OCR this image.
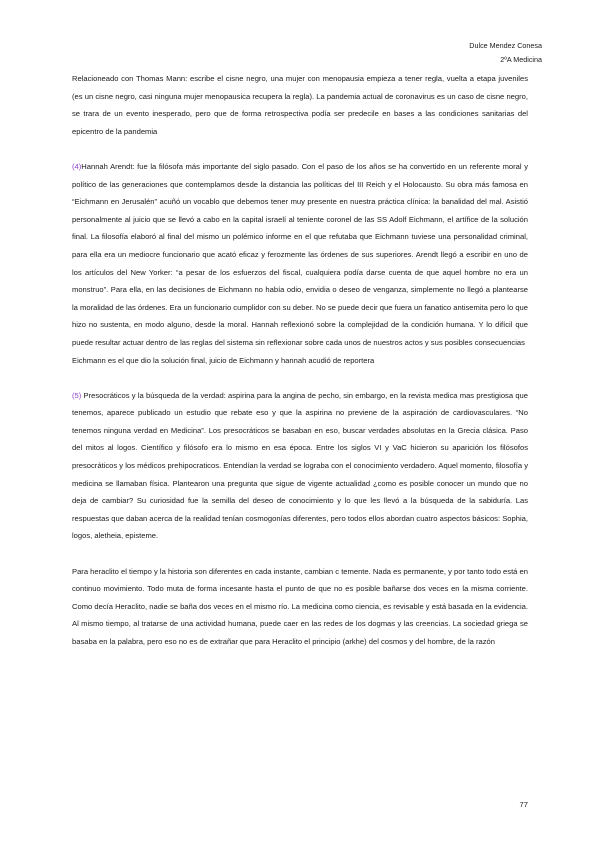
Dulce Mendez Conesa
2ºA Medicina

Relacioneado con Thomas Mann: escribe el cisne negro, una mujer con menopausia empieza a tener regla, vuelta a etapa juveniles (es un cisne negro, casi ninguna mujer menopausica recupera la regla). La pandemia actual de coronavirus es un caso de cisne negro, se trara de un evento inesperado, pero que de forma retrospectiva podía ser predecile en bases a las condiciones sanitarias del epicentro de la pandemia

(4)Hannah Arendt: fue la filósofa más importante del siglo pasado. Con el paso de los años se ha convertido en un referente moral y político de las generaciones que contemplamos desde la distancia las políticas del III Reich y el Holocausto. Su obra más famosa en “Eichmann en Jerusalén” acuñó un vocablo que debemos tener muy presente en nuestra práctica clínica: la banalidad del mal. Asistió personalmente al juicio que se llevó a cabo en la capital israelí al teniente coronel de las SS Adolf Eichmann, el artífice de la solución final. La filosofía elaboró al final del mismo un polémico informe en el que refutaba que Eichmann tuviese una personalidad criminal, para ella era un mediocre funcionario que acató eficaz y ferozmente las órdenes de sus superiores. Arendt llegó a escribir en uno de los artículos del New Yorker: “a pesar de los esfuerzos del fiscal, cualquiera podía darse cuenta de que aquel hombre no era un monstruo”. Para ella, en las decisiones de Eichmann no había odio, envidia o deseo de venganza, simplemente no llegó a plantearse la moralidad de las órdenes. Era un funcionario cumplidor con su deber. No se puede decir que fuera un fanatico antisemita pero lo que hizo no sustenta, en modo alguno, desde la moral. Hannah reflexionó sobre la complejidad de la condición humana. Y lo difícil que puede resultar actuar dentro de las reglas del sistema sin reflexionar sobre cada unos de nuestros actos y sus posibles consecuencias

Eichmann es el que dio la solución final, juicio de Eichmann y hannah acudió de reportera

(5) Presocráticos y la búsqueda de la verdad: aspirina para la angina de pecho, sin embargo, en la revista medica mas prestigiosa que tenemos, aparece publicado un estudio que rebate eso y que la aspirina no previene de la aspiración de cardiovasculares. “No tenemos ninguna verdad en Medicina”. Los presocráticos se basaban en eso, buscar verdades absolutas en la Grecia clásica. Paso del mitos al logos. Científico y filósofo era lo mismo en esa época. Entre los siglos VI y VaC hicieron su aparición los filósofos presocráticos y los médicos prehipocraticos. Entendían la verdad se lograba con el conocimiento verdadero. Aquel momento, filosofía y medicina se llamaban física. Plantearon una pregunta que sigue de vigente actualidad ¿como es posible conocer un mundo que no deja de cambiar? Su curiosidad fue la semilla del deseo de conocimiento y lo que les llevó a la búsqueda de la sabiduría. Las respuestas que daban acerca de la realidad tenían cosmogonías diferentes, pero todos ellos abordan cuatro aspectos básicos: Sophia, logos, aletheia, episteme.

Para heraclito el tiempo y la historia son diferentes en cada instante, cambian c temente. Nada es permanente, y por tanto todo está en continuo movimiento. Todo muta de forma incesante hasta el punto de que no es posible bañarse dos veces en la misma corriente. Como decía Heraclito, nadie se baña dos veces en el mismo río. La medicina como ciencia, es revisable y está basada en la evidencia. Al mismo tiempo, al tratarse de una actividad humana, puede caer en las redes de los dogmas y las creencias. La sociedad griega se basaba en la palabra, pero eso no es de extrañar que para Heraclito el principio (arkhe) del cosmos y del hombre, de la razón

77
